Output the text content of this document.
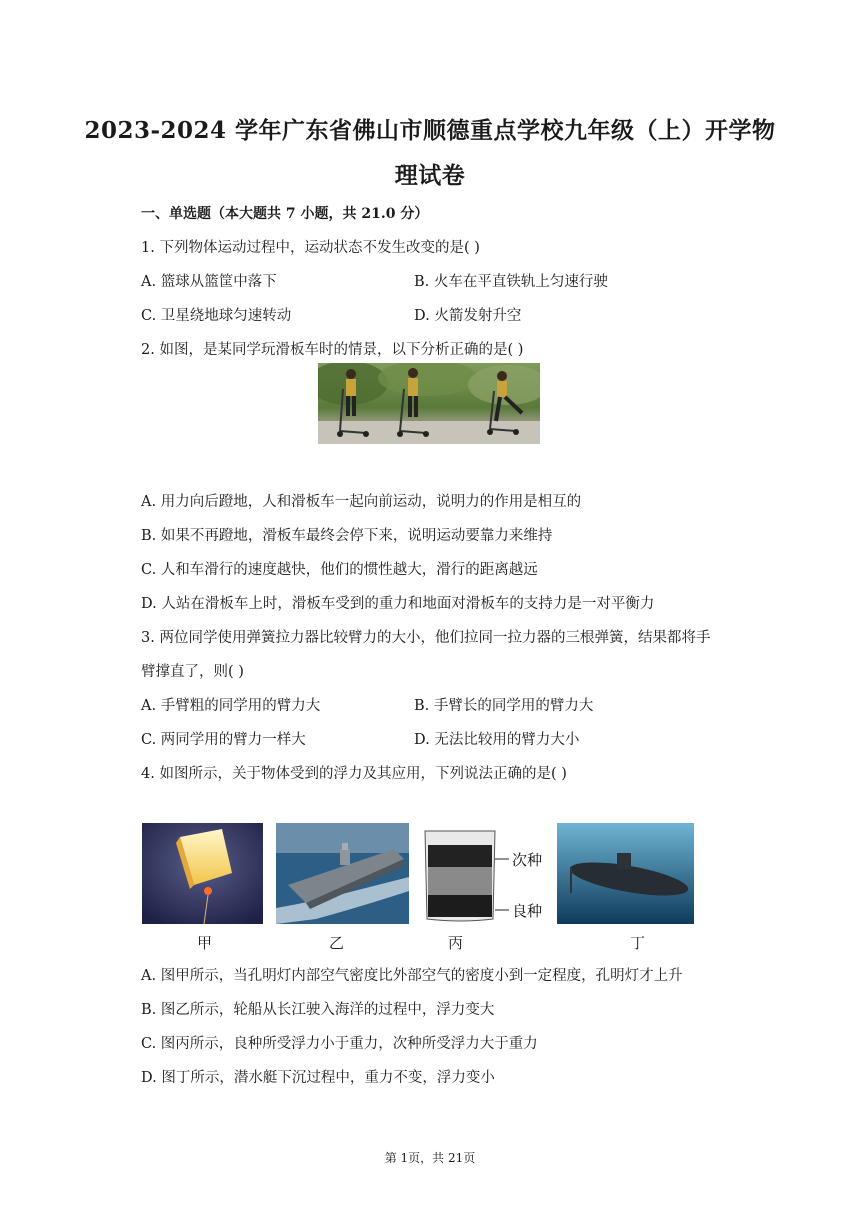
2023-2024 学年广东省佛山市顺德重点学校九年级（上）开学物
理试卷
一、单选题（本大题共 7 小题，共 21.0 分）
1. 下列物体运动过程中，运动状态不发生改变的是( )
A. 篮球从篮筐中落下	B. 火车在平直铁轨上匀速行驶
C. 卫星绕地球匀速转动	D. 火箭发射升空
2. 如图，是某同学玩滑板车时的情景，以下分析正确的是( )
A. 用力向后蹬地，人和滑板车一起向前运动，说明力的作用是相互的
B. 如果不再蹬地，滑板车最终会停下来，说明运动要靠力来维持
C. 人和车滑行的速度越快，他们的惯性越大，滑行的距离越远
D. 人站在滑板车上时，滑板车受到的重力和地面对滑板车的支持力是一对平衡力
3. 两位同学使用弹簧拉力器比较臂力的大小，他们拉同一拉力器的三根弹簧，结果都将手
臂撑直了，则( )
A. 手臂粗的同学用的臂力大	B. 手臂长的同学用的臂力大
C. 两同学用的臂力一样大	D. 无法比较用的臂力大小
4. 如图所示，关于物体受到的浮力及其应用，下列说法正确的是( )
次种
良种
甲	乙	丙	丁
A. 图甲所示，当孔明灯内部空气密度比外部空气的密度小到一定程度，孔明灯才上升
B. 图乙所示，轮船从长江驶入海洋的过程中，浮力变大
C. 图丙所示，良种所受浮力小于重力，次种所受浮力大于重力
D. 图丁所示，潜水艇下沉过程中，重力不变，浮力变小
第 1页，共 21页
